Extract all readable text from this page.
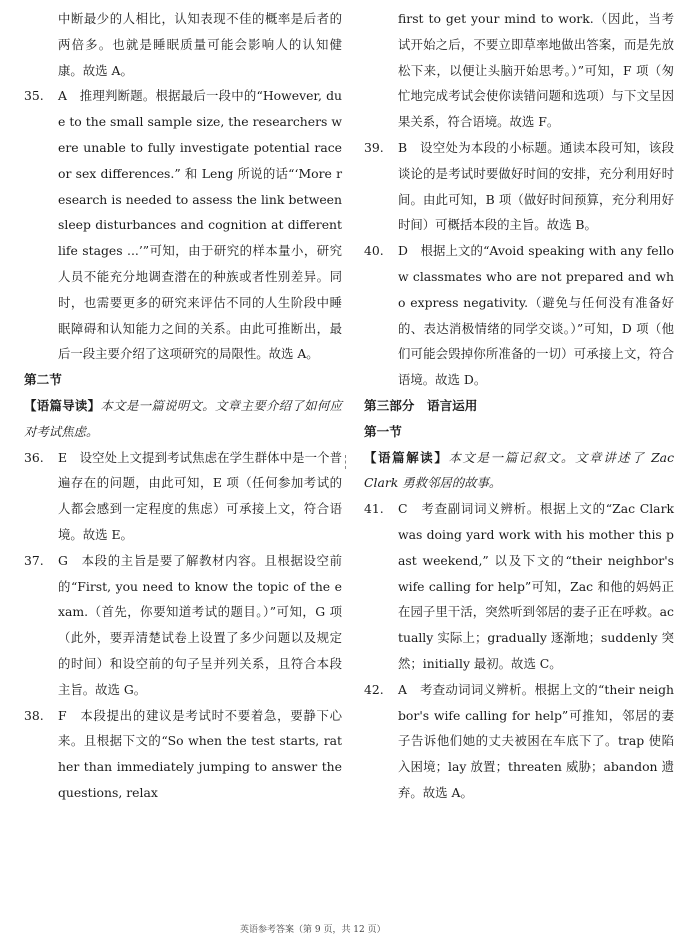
中断最少的人相比，认知表现不佳的概率是后者的两倍多。也就是睡眠质量可能会影响人的认知健康。故选 A。

35.	A　推理判断题。根据最后一段中的“However, due to the small sample size, the researchers were unable to fully investigate potential race or sex differences.” 和 Leng 所说的话“‘More research is needed to assess the link between sleep disturbances and cognition at different life stages ...’”可知，由于研究的样本量小，研究人员不能充分地调查潜在的种族或者性别差异。同时，也需要更多的研究来评估不同的人生阶段中睡眠障碍和认知能力之间的关系。由此可推断出，最后一段主要介绍了这项研究的局限性。故选 A。

第二节

【语篇导读】本文是一篇说明文。文章主要介绍了如何应对考试焦虑。

36.	E　设空处上文提到考试焦虑在学生群体中是一个普遍存在的问题，由此可知，E 项（任何参加考试的人都会感到一定程度的焦虑）可承接上文，符合语境。故选 E。

37.	G　本段的主旨是要了解教材内容。且根据设空前的“First, you need to know the topic of the exam.（首先，你要知道考试的题目。）”可知，G 项（此外，要弄清楚试卷上设置了多少问题以及规定的时间）和设空前的句子呈并列关系，且符合本段主旨。故选 G。

38.	F　本段提出的建议是考试时不要着急，要静下心来。且根据下文的“So when the test starts, rather than immediately jumping to answer the questions, relax

first to get your mind to work.（因此，当考试开始之后，不要立即草率地做出答案，而是先放松下来，以便让头脑开始思考。）”可知，F 项（匆忙地完成考试会使你读错问题和选项）与下文呈因果关系，符合语境。故选 F。

39.	B　设空处为本段的小标题。通读本段可知，该段谈论的是考试时要做好时间的安排，充分利用好时间。由此可知，B 项（做好时间预算，充分利用好时间）可概括本段的主旨。故选 B。

40.	D　根据上文的“Avoid speaking with any fellow classmates who are not prepared and who express negativity.（避免与任何没有准备好的、表达消极情绪的同学交谈。）”可知，D 项（他们可能会毁掉你所准备的一切）可承接上文，符合语境。故选 D。

第三部分　语言运用

第一节

【语篇解读】本文是一篇记叙文。文章讲述了 Zac Clark 勇救邻居的故事。

41.	C　考查副词词义辨析。根据上文的“Zac Clark was doing yard work with his mother this past weekend,” 以及下文的“their neighbor's wife calling for help”可知，Zac 和他的妈妈正在园子里干活，突然听到邻居的妻子正在呼救。actually 实际上；gradually 逐渐地；suddenly 突然；initially 最初。故选 C。

42.	A　考查动词词义辨析。根据上文的“their neighbor's wife calling for help”可推知，邻居的妻子告诉他们她的丈夫被困在车底下了。trap 使陷入困境；lay 放置；threaten 威胁；abandon 遗弃。故选 A。

英语参考答案（第 9 页，共 12 页）
